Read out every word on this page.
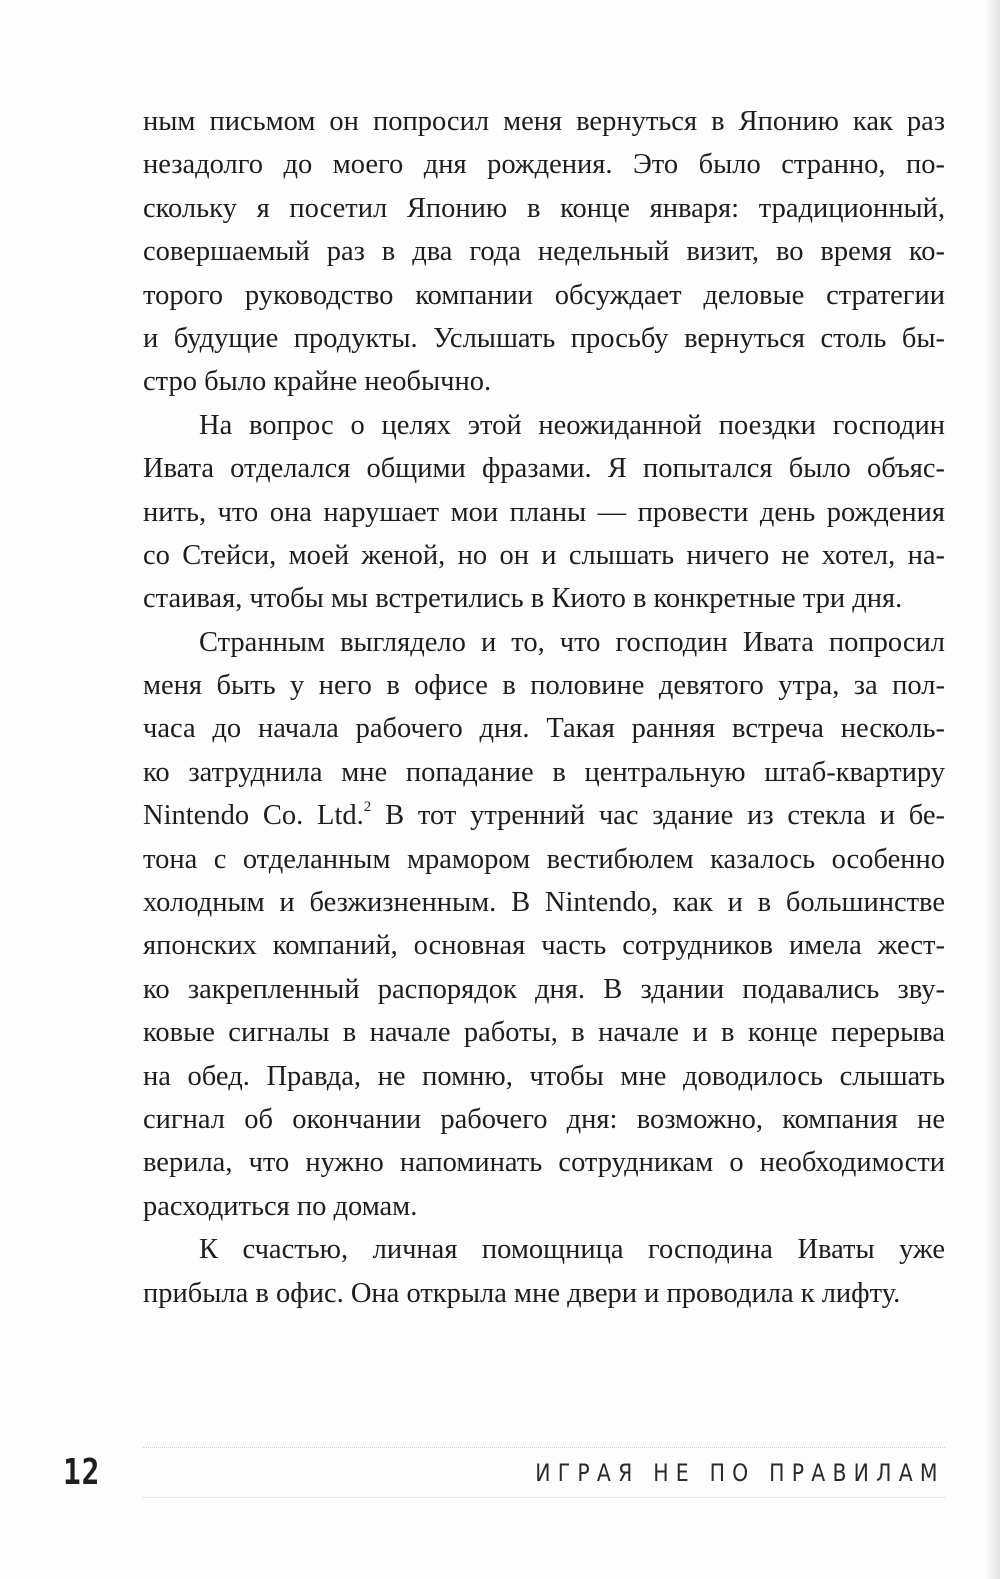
ным письмом он попросил меня вернуться в Японию как раз
незадолго до моего дня рождения. Это было странно, по-
скольку я посетил Японию в конце января: традиционный,
совершаемый раз в два года недельный визит, во время ко-
торого руководство компании обсуждает деловые стратегии
и будущие продукты. Услышать просьбу вернуться столь бы-
стро было крайне необычно.
На вопрос о целях этой неожиданной поездки господин
Ивата отделался общими фразами. Я попытался было объяс-
нить, что она нарушает мои планы — провести день рождения
со Стейси, моей женой, но он и слышать ничего не хотел, на-
стаивая, чтобы мы встретились в Киото в конкретные три дня.
Странным выглядело и то, что господин Ивата попросил
меня быть у него в офисе в половине девятого утра, за пол-
часа до начала рабочего дня. Такая ранняя встреча несколь-
ко затруднила мне попадание в центральную штаб-квартиру
Nintendo Co. Ltd.$^2$ В тот утренний час здание из стекла и бе-
тона с отделанным мрамором вестибюлем казалось особенно
холодным и безжизненным. В Nintendo, как и в большинстве
японских компаний, основная часть сотрудников имела жест-
ко закрепленный распорядок дня. В здании подавались зву-
ковые сигналы в начале работы, в начале и в конце перерыва
на обед. Правда, не помню, чтобы мне доводилось слышать
сигнал об окончании рабочего дня: возможно, компания не
верила, что нужно напоминать сотрудникам о необходимости
расходиться по домам.
К счастью, личная помощница господина Иваты уже
прибыла в офис. Она открыла мне двери и проводила к лифту.
12	ИГРАЯ НЕ ПО ПРАВИЛАМ
